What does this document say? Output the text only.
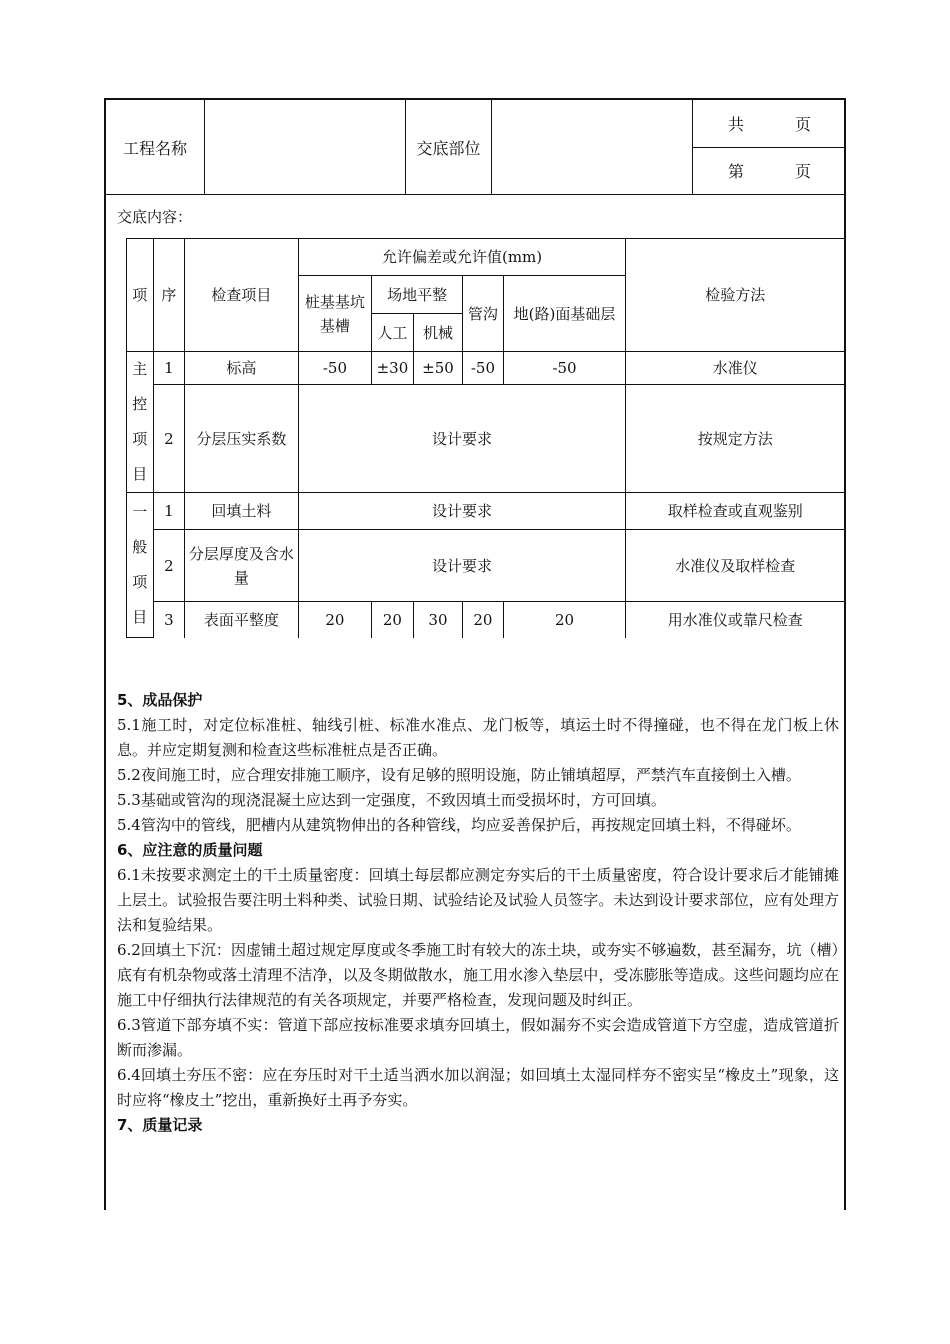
工程名称	交底部位
共	页
第	页
交底内容：
项	序	检查项目	允许偏差或允许值(mm)					检验方法
			桩基基坑基槽	场地平整		管沟	地(路)面基础层	
				人工	机械			

主
控
项
目	1	标高	-50	±30	±50	-50	-50	水准仪
	2	分层压实系数	设计要求					按规定方法

一
般
项
目	1	回填土料	设计要求					取样检查或直观鉴别
	2	分层厚度及含水量	设计要求					水准仪及取样检查
	3	表面平整度	20	20	30	20	20	用水准仪或靠尺检查
5、成品保护

5.1施工时，对定位标准桩、轴线引桩、标准水准点、龙门板等，填运土时不得撞碰，也不得在龙门板上休息。并应定期复测和检查这些标准桩点是否正确。

5.2夜间施工时，应合理安排施工顺序，设有足够的照明设施，防止铺填超厚，严禁汽车直接倒土入槽。

5.3基础或管沟的现浇混凝土应达到一定强度，不致因填土而受损坏时，方可回填。

5.4管沟中的管线，肥槽内从建筑物伸出的各种管线，均应妥善保护后，再按规定回填土料，不得碰坏。

6、应注意的质量问题

6.1未按要求测定土的干土质量密度：回填土每层都应测定夯实后的干土质量密度，符合设计要求后才能铺摊上层土。试验报告要注明土料种类、试验日期、试验结论及试验人员签字。未达到设计要求部位，应有处理方法和复验结果。

6.2回填土下沉：因虚铺土超过规定厚度或冬季施工时有较大的冻土块，或夯实不够遍数，甚至漏夯，坑（槽）底有有机杂物或落土清理不洁净，以及冬期做散水，施工用水渗入垫层中，受冻膨胀等造成。这些问题均应在施工中仔细执行法律规范的有关各项规定，并要严格检查，发现问题及时纠正。

6.3管道下部夯填不实：管道下部应按标准要求填夯回填土，假如漏夯不实会造成管道下方空虚，造成管道折断而渗漏。

6.4回填土夯压不密：应在夯压时对干土适当洒水加以润湿；如回填土太湿同样夯不密实呈“橡皮土”现象，这时应将“橡皮土”挖出，重新换好土再予夯实。

7、质量记录
